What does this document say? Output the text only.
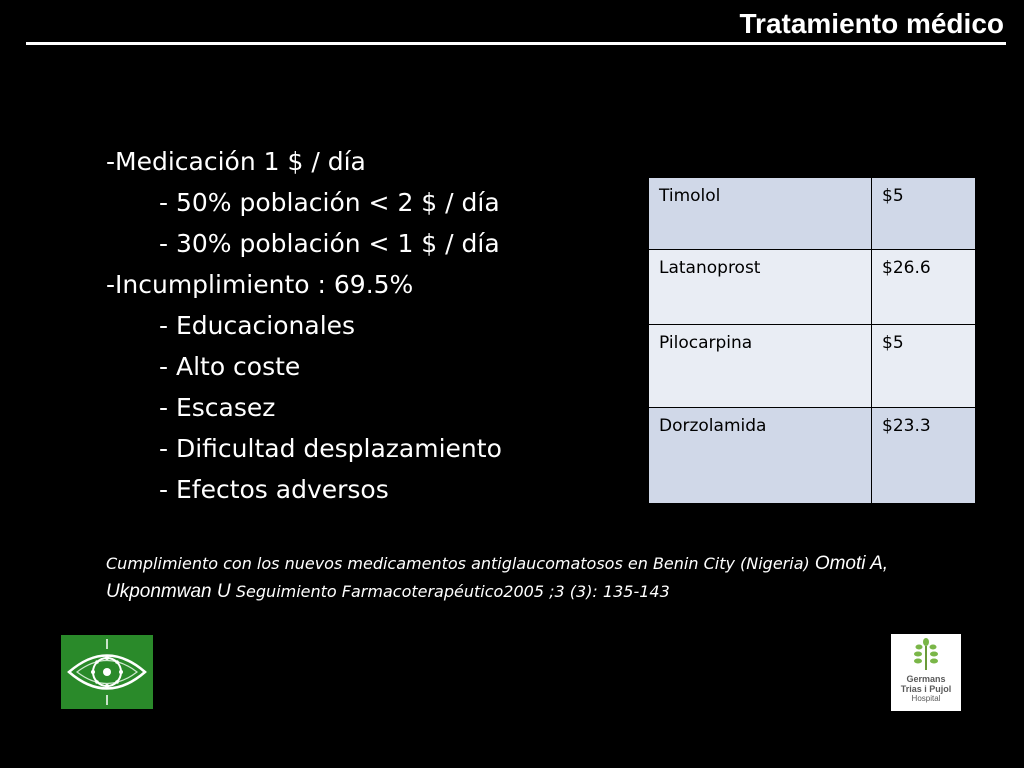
Tratamiento médico
-Medicación 1 $ / día
- 50% población < 2 $ / día
- 30% población < 1 $ / día
-Incumplimiento : 69.5%
- Educacionales
- Alto coste
- Escasez
- Dificultad desplazamiento
- Efectos adversos
Timolol	$5
Latanoprost	$26.6
Pilocarpina	$5
Dorzolamida	$23.3
Cumplimiento con los nuevos medicamentos antiglaucomatosos en Benin City (Nigeria) Omoti A, Ukponmwan U Seguimiento Farmacoterapéutico2005 ;3 (3): 135-143
Germans
Trias i Pujol
Hospital
